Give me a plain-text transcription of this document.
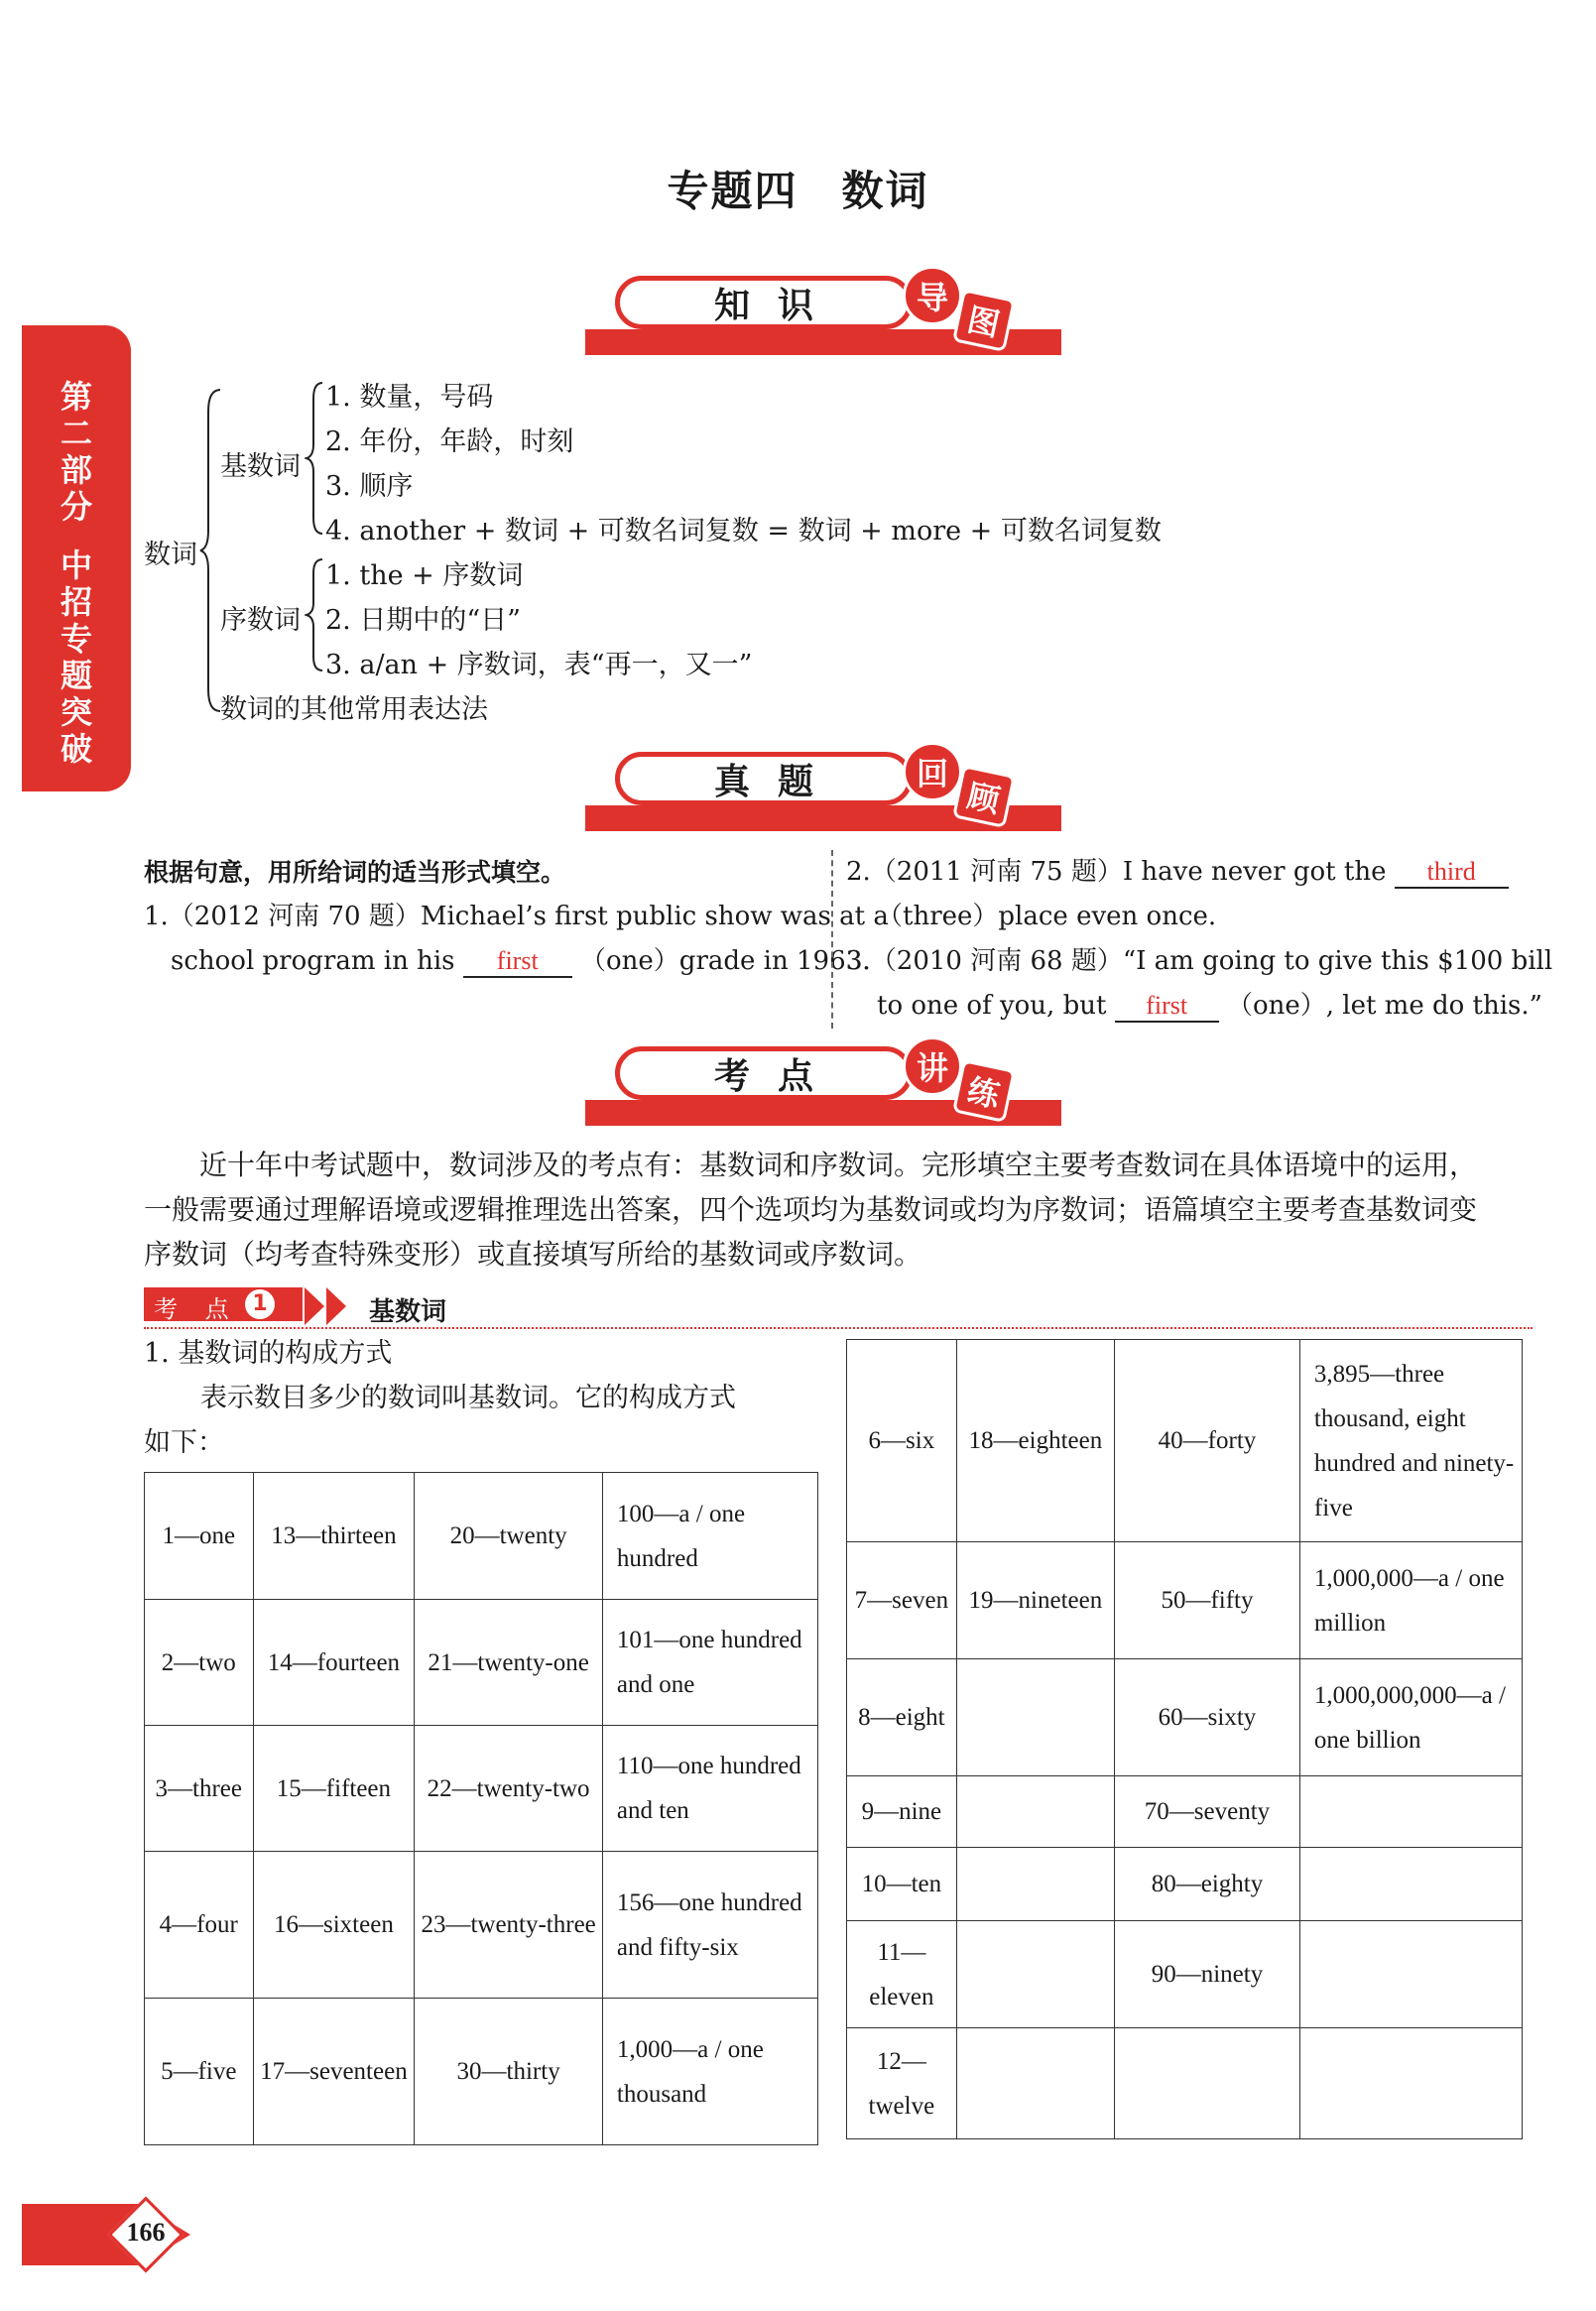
第
二
部
分
中
招
专
题
突
破
专题四　数词
知识	导
图
数词
基数词
1. 数量，号码
2. 年份，年龄，时刻
3. 顺序
4. another + 数词 + 可数名词复数 = 数词 + more + 可数名词复数
序数词
1. the + 序数词
2. 日期中的“日”
3. a/an + 序数词，表“再一，又一”
数词的其他常用表达法
真题	回
顾
根据句意，用所给词的适当形式填空。
1.（2012 河南 70 题）Michael’s first public show was at a
school program in his first （one）grade in 1963.
2.（2011 河南 75 题）I have never got the third
（three）place even once.
3.（2010 河南 68 题）“I am going to give this $100 bill
to one of you, but first （one）, let me do this.”
考点	讲
练
近十年中考试题中，数词涉及的考点有：基数词和序数词。完形填空主要考查数词在具体语境中的运用，
一般需要通过理解语境或逻辑推理选出答案，四个选项均为基数词或均为序数词；语篇填空主要考查基数词变
序数词（均考查特殊变形）或直接填写所给的基数词或序数词。
考 点 1	基数词
1. 基数词的构成方式
表示数目多少的数词叫基数词。它的构成方式
如下：
1—one	13—thirteen	20—twenty	100—a / one hundred
2—two	14—fourteen	21—twenty-one	101—one hundred and one
3—three	15—fifteen	22—twenty-two	110—one hundred and ten
4—four	16—sixteen	23—twenty-three	156—one hundred and fifty-six
5—five	17—seventeen	30—thirty	1,000—a / one thousand
6—six	18—eighteen	40—forty	3,895—three thousand, eight hundred and ninety-five
7—seven	19—nineteen	50—fifty	1,000,000—a / one million
8—eight		60—sixty	1,000,000,000—a / one billion
9—nine		70—seventy	
10—ten		80—eighty	
11—eleven		90—ninety	
12—twelve			
166
